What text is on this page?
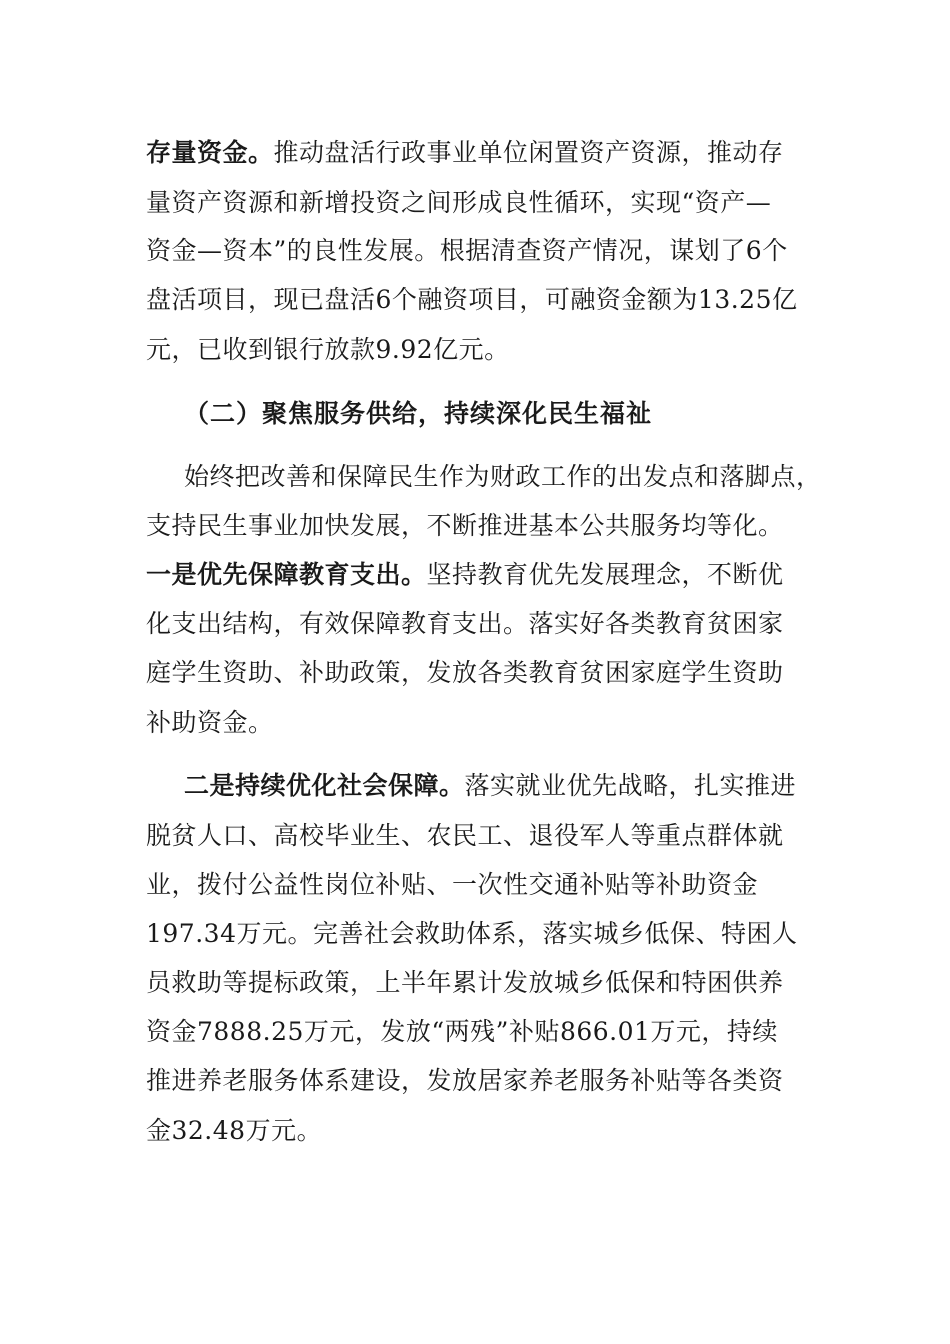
存量资金。推动盘活行政事业单位闲置资产资源，推动存
量资产资源和新增投资之间形成良性循环，实现“资产—
资金—资本”的良性发展。根据清查资产情况，谋划了6个
盘活项目，现已盘活6个融资项目，可融资金额为13.25亿
元，已收到银行放款9.92亿元。
（二）聚焦服务供给，持续深化民生福祉
始终把改善和保障民生作为财政工作的出发点和落脚点，
支持民生事业加快发展，不断推进基本公共服务均等化。
一是优先保障教育支出。坚持教育优先发展理念，不断优
化支出结构，有效保障教育支出。落实好各类教育贫困家
庭学生资助、补助政策，发放各类教育贫困家庭学生资助
补助资金。
二是持续优化社会保障。落实就业优先战略，扎实推进
脱贫人口、高校毕业生、农民工、退役军人等重点群体就
业，拨付公益性岗位补贴、一次性交通补贴等补助资金
197.34万元。完善社会救助体系，落实城乡低保、特困人
员救助等提标政策，上半年累计发放城乡低保和特困供养
资金7888.25万元，发放“两残”补贴866.01万元，持续
推进养老服务体系建设，发放居家养老服务补贴等各类资
金32.48万元。
